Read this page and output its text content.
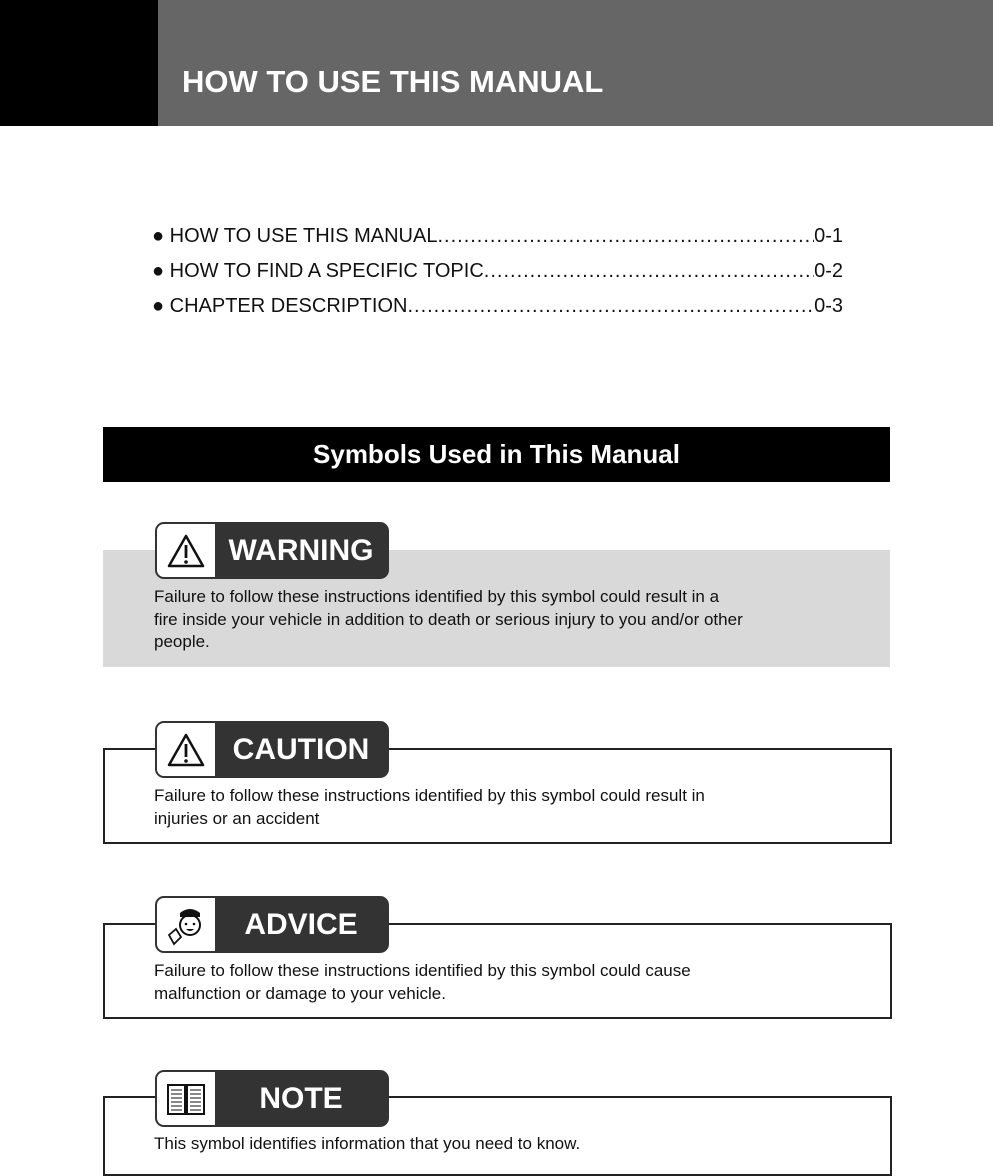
HOW TO USE THIS MANUAL
● HOW TO USE THIS MANUAL .....	0-1
● HOW TO FIND A SPECIFIC TOPIC .....	0-2
● CHAPTER DESCRIPTION .....	0-3
Symbols Used in This Manual
WARNING
Failure to follow these instructions identified by this symbol could result in a
fire inside your vehicle in addition to death or serious injury to you and/or other
people.
CAUTION
Failure to follow these instructions identified by this symbol could result in
injuries or an accident
ADVICE
Failure to follow these instructions identified by this symbol could cause
malfunction or damage to your vehicle.
NOTE
This symbol identifies information that you need to know.
